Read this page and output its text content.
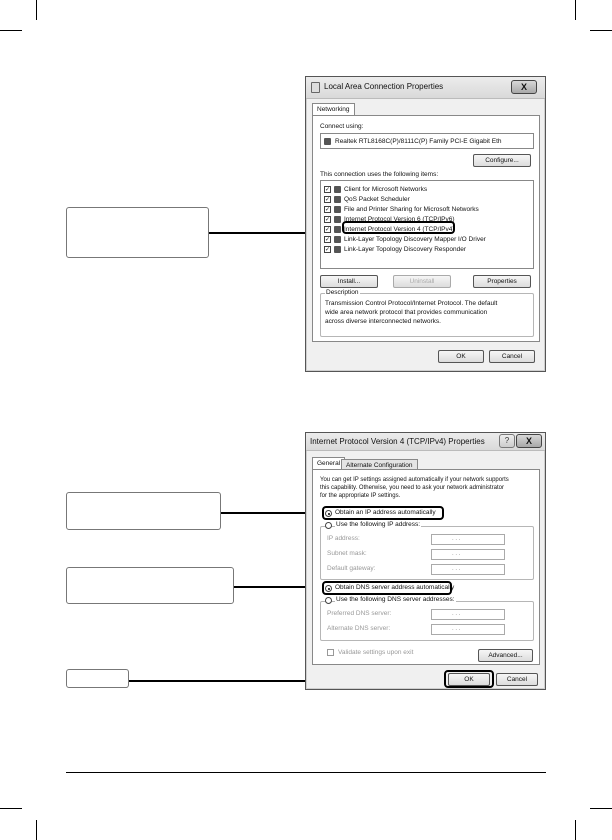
Local Area Connection Properties	X
Networking
Connect using:
Realtek RTL8168C(P)/8111C(P) Family PCI-E Gigabit Eth
Configure...
This connection uses the following items:
✓ Client for Microsoft Networks
✓ QoS Packet Scheduler
✓ File and Printer Sharing for Microsoft Networks
✓ Internet Protocol Version 6 (TCP/IPv6)
✓ Internet Protocol Version 4 (TCP/IPv4)
✓ Link-Layer Topology Discovery Mapper I/O Driver
✓ Link-Layer Topology Discovery Responder
Install...	Uninstall	Properties
Description
Transmission Control Protocol/Internet Protocol. The default
wide area network protocol that provides communication
across diverse interconnected networks.
OK	Cancel
Internet Protocol Version 4 (TCP/IPv4) Properties	?	X
General Alternate Configuration
You can get IP settings assigned automatically if your network supports
this capability. Otherwise, you need to ask your network administrator
for the appropriate IP settings.
Obtain an IP address automatically
Use the following IP address:
IP address:	. . .
Subnet mask:	. . .
Default gateway:	. . .
Obtain DNS server address automatically
Use the following DNS server addresses:
Preferred DNS server:	. . .
Alternate DNS server:	. . .
Validate settings upon exit	Advanced...
OK	Cancel
